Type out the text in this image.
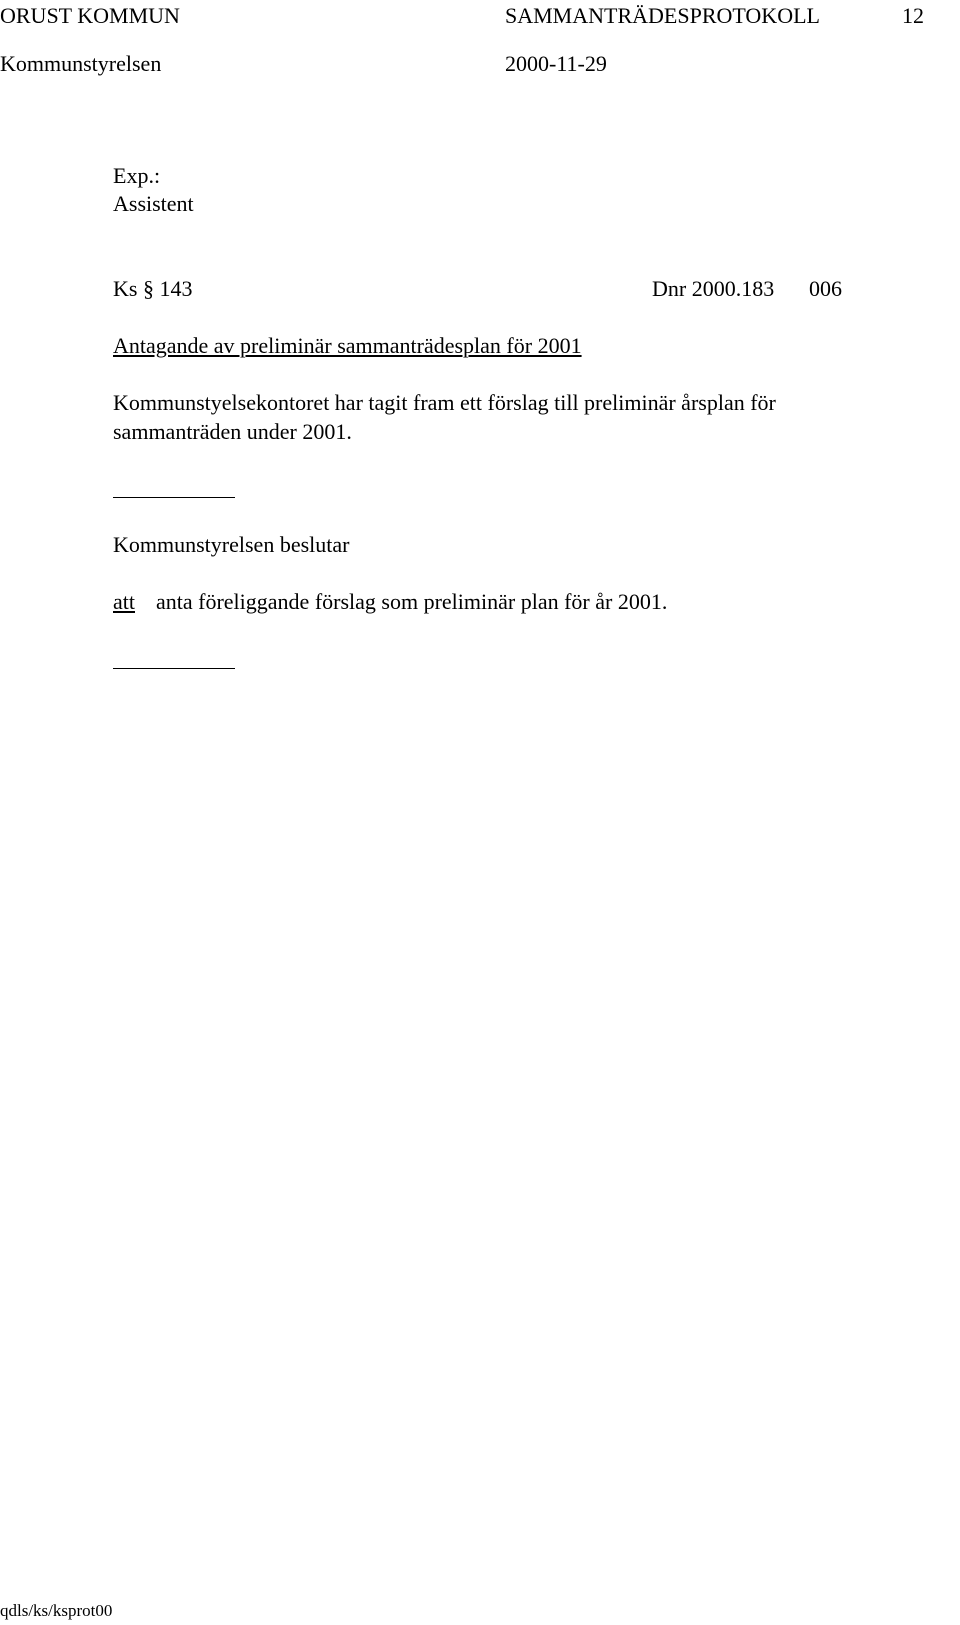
ORUST KOMMUN	SAMMANTRÄDESPROTOKOLL	12
Kommunstyrelsen	2000-11-29
Exp.:
Assistent
Ks § 143	Dnr 2000.183 006
Antagande av preliminär sammanträdesplan för 2001
Kommunstyelsekontoret har tagit fram ett förslag till preliminär årsplan för
sammanträden under 2001.
Kommunstyrelsen beslutar
att anta föreliggande förslag som preliminär plan för år 2001.
qdls/ks/ksprot00
